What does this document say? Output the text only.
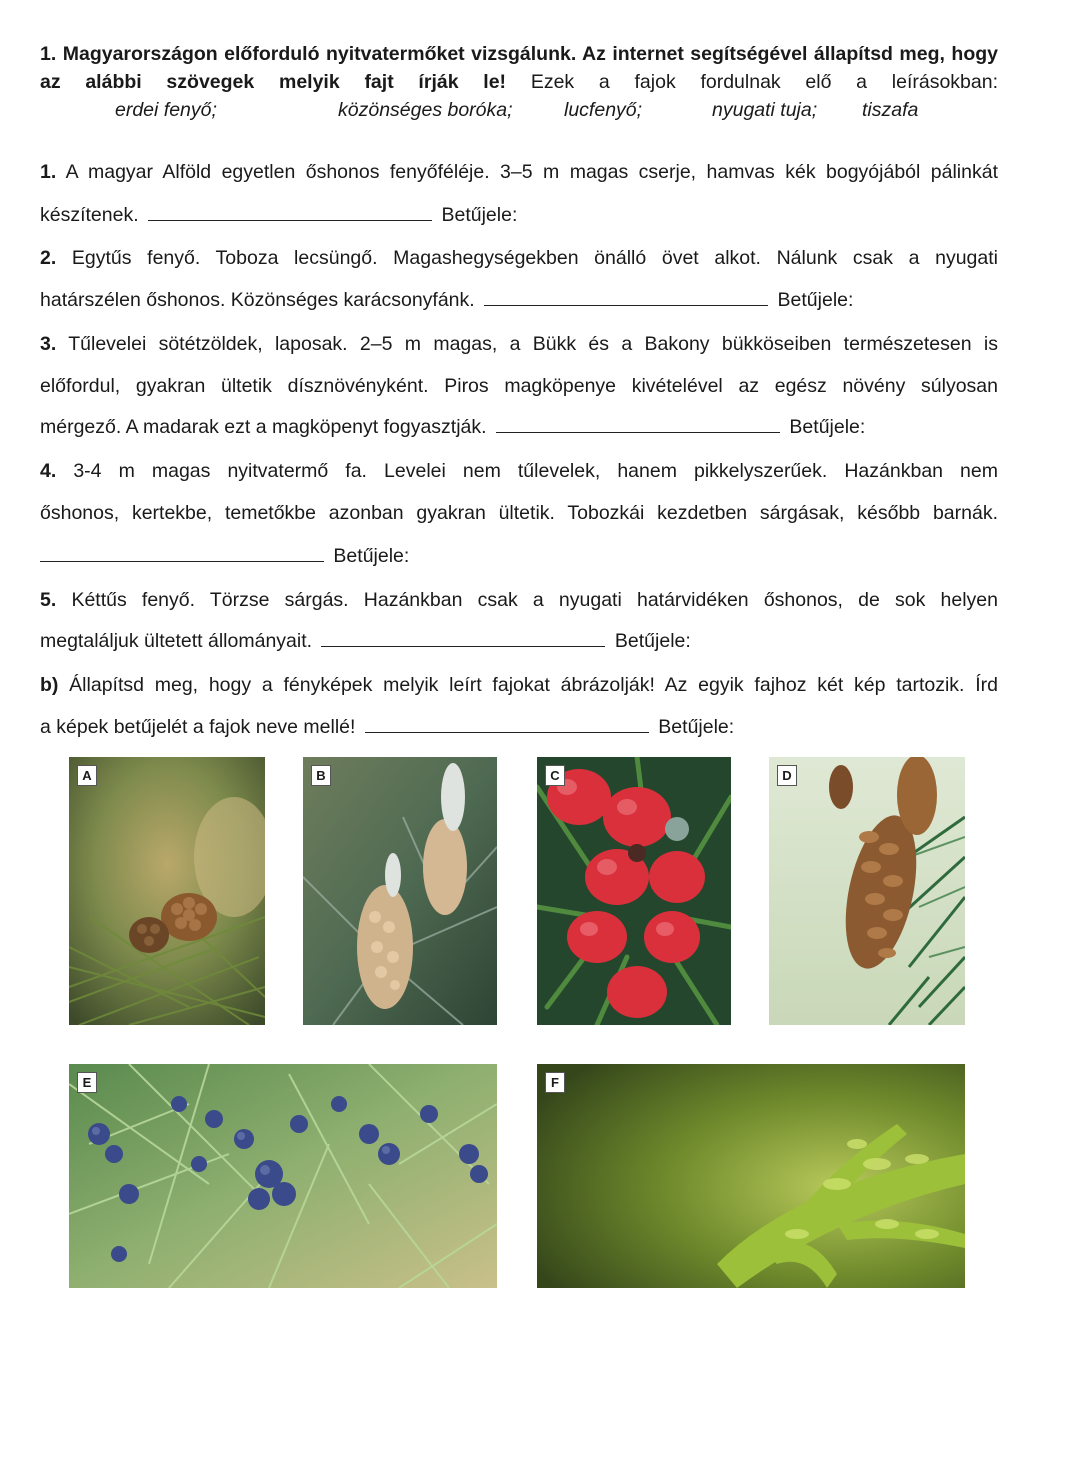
1. Magyarországon előforduló nyitvatermőket vizsgálunk. Az internet segítségével állapítsd meg, hogy az alábbi szövegek melyik fajt írják le! Ezek a fajok fordulnak elő a leírásokban:
erdei fenyő;	közönséges boróka;	lucfenyő;	nyugati tuja; tiszafa
1. A magyar Alföld egyetlen őshonos fenyőféléje. 3–5 m magas cserje, hamvas kék bogyójából pálinkát
készítenek.	Betűjele:
2. Egytűs fenyő. Toboza lecsüngő. Magashegységekben önálló övet alkot. Nálunk csak a nyugati
határszélen őshonos. Közönséges karácsonyfánk.	Betűjele:
3. Tűlevelei sötétzöldek, laposak. 2–5 m magas, a Bükk és a Bakony bükköseiben természetesen is
előfordul, gyakran ültetik dísznövényként. Piros magköpenye kivételével az egész növény súlyosan
mérgező. A madarak ezt a magköpenyt fogyasztják.	Betűjele:
4. 3-4 m magas nyitvatermő fa. Levelei nem tűlevelek, hanem pikkelyszerűek. Hazánkban nem
őshonos, kertekbe, temetőkbe azonban gyakran ültetik. Tobozkái kezdetben sárgásak, később barnák.
Betűjele:
5. Kéttűs fenyő. Törzse sárgás. Hazánkban csak a nyugati határvidéken őshonos, de sok helyen
megtaláljuk ültetett állományait.	Betűjele:
b) Állapítsd meg, hogy a fényképek melyik leírt fajokat ábrázolják! Az egyik fajhoz két kép tartozik. Írd
a képek betűjelét a fajok neve mellé!	Betűjele:
A	B	C	D
E	F
